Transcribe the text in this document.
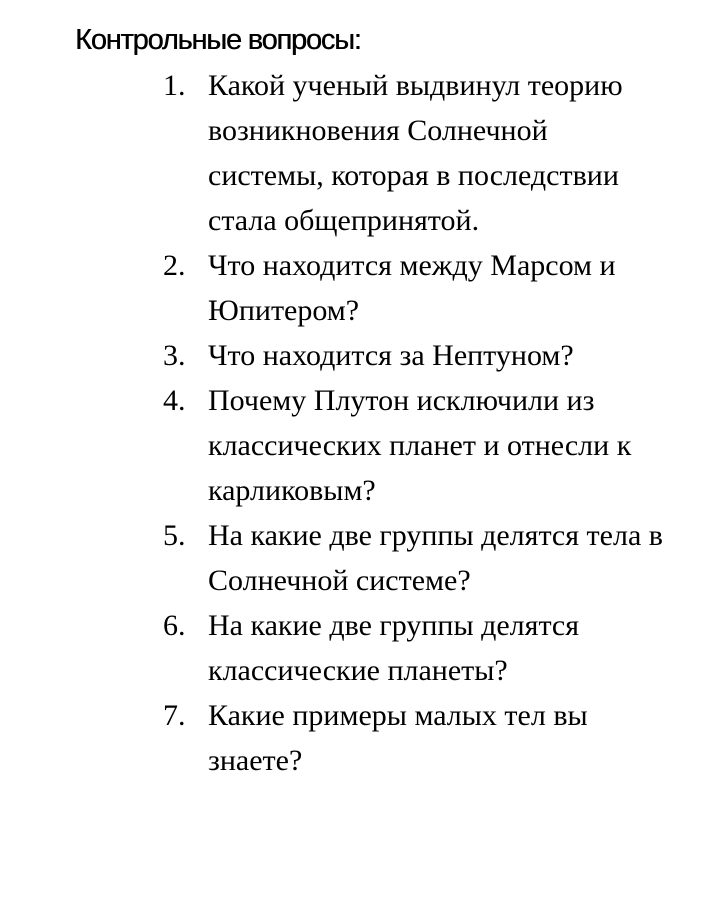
Контрольные вопросы:
1. Какой ученый выдвинул теорию возникновения Солнечной системы, которая в последствии стала общепринятой.
2. Что находится между Марсом и Юпитером?
3. Что находится за Нептуном?
4. Почему Плутон исключили из классических планет и отнесли к карликовым?
5. На какие две группы делятся тела в Солнечной системе?
6. На какие две группы делятся классические планеты?
7. Какие примеры малых тел вы знаете?
